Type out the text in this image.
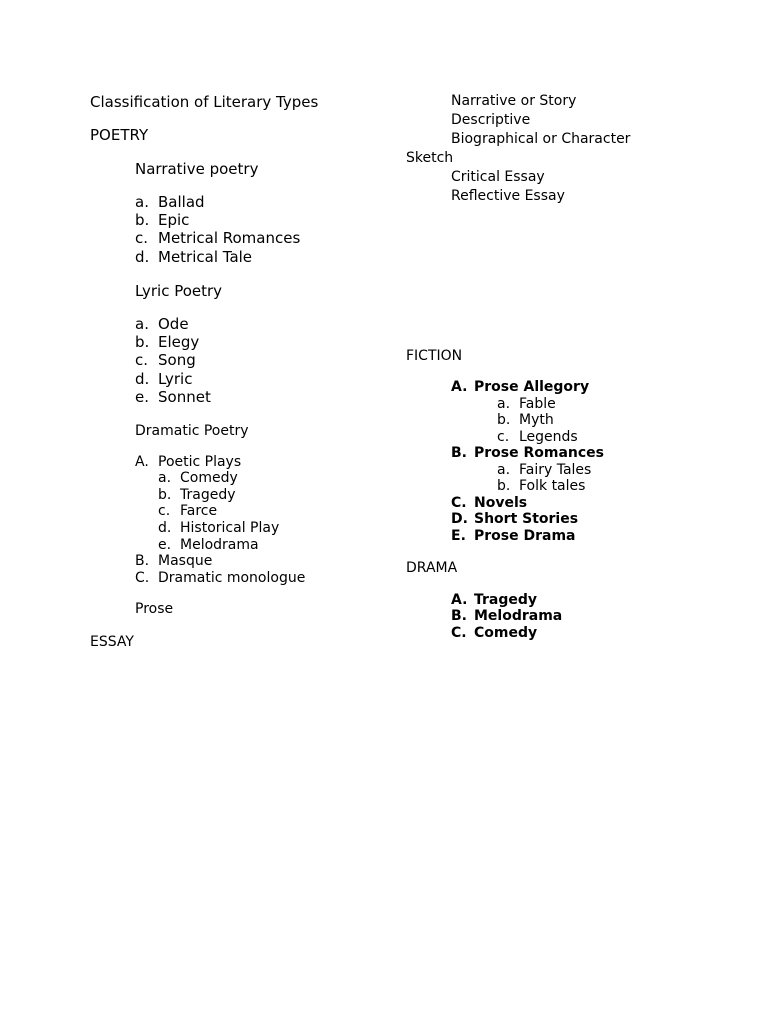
Classification of Literary Types
POETRY
Narrative poetry
a. Ballad
b. Epic
c. Metrical Romances
d. Metrical Tale
Lyric Poetry
a. Ode
b. Elegy
c. Song
d. Lyric
e. Sonnet
Dramatic Poetry
A. Poetic Plays
a. Comedy
b. Tragedy
c. Farce
d. Historical Play
e. Melodrama
B. Masque
C. Dramatic monologue
Prose
ESSAY
Narrative or Story
Descriptive
Biographical or Character
Sketch
Critical Essay
Reflective Essay
FICTION
A. Prose Allegory
a. Fable
b. Myth
c. Legends
B. Prose Romances
a. Fairy Tales
b. Folk tales
C. Novels
D. Short Stories
E. Prose Drama
DRAMA
A. Tragedy
B. Melodrama
C. Comedy
